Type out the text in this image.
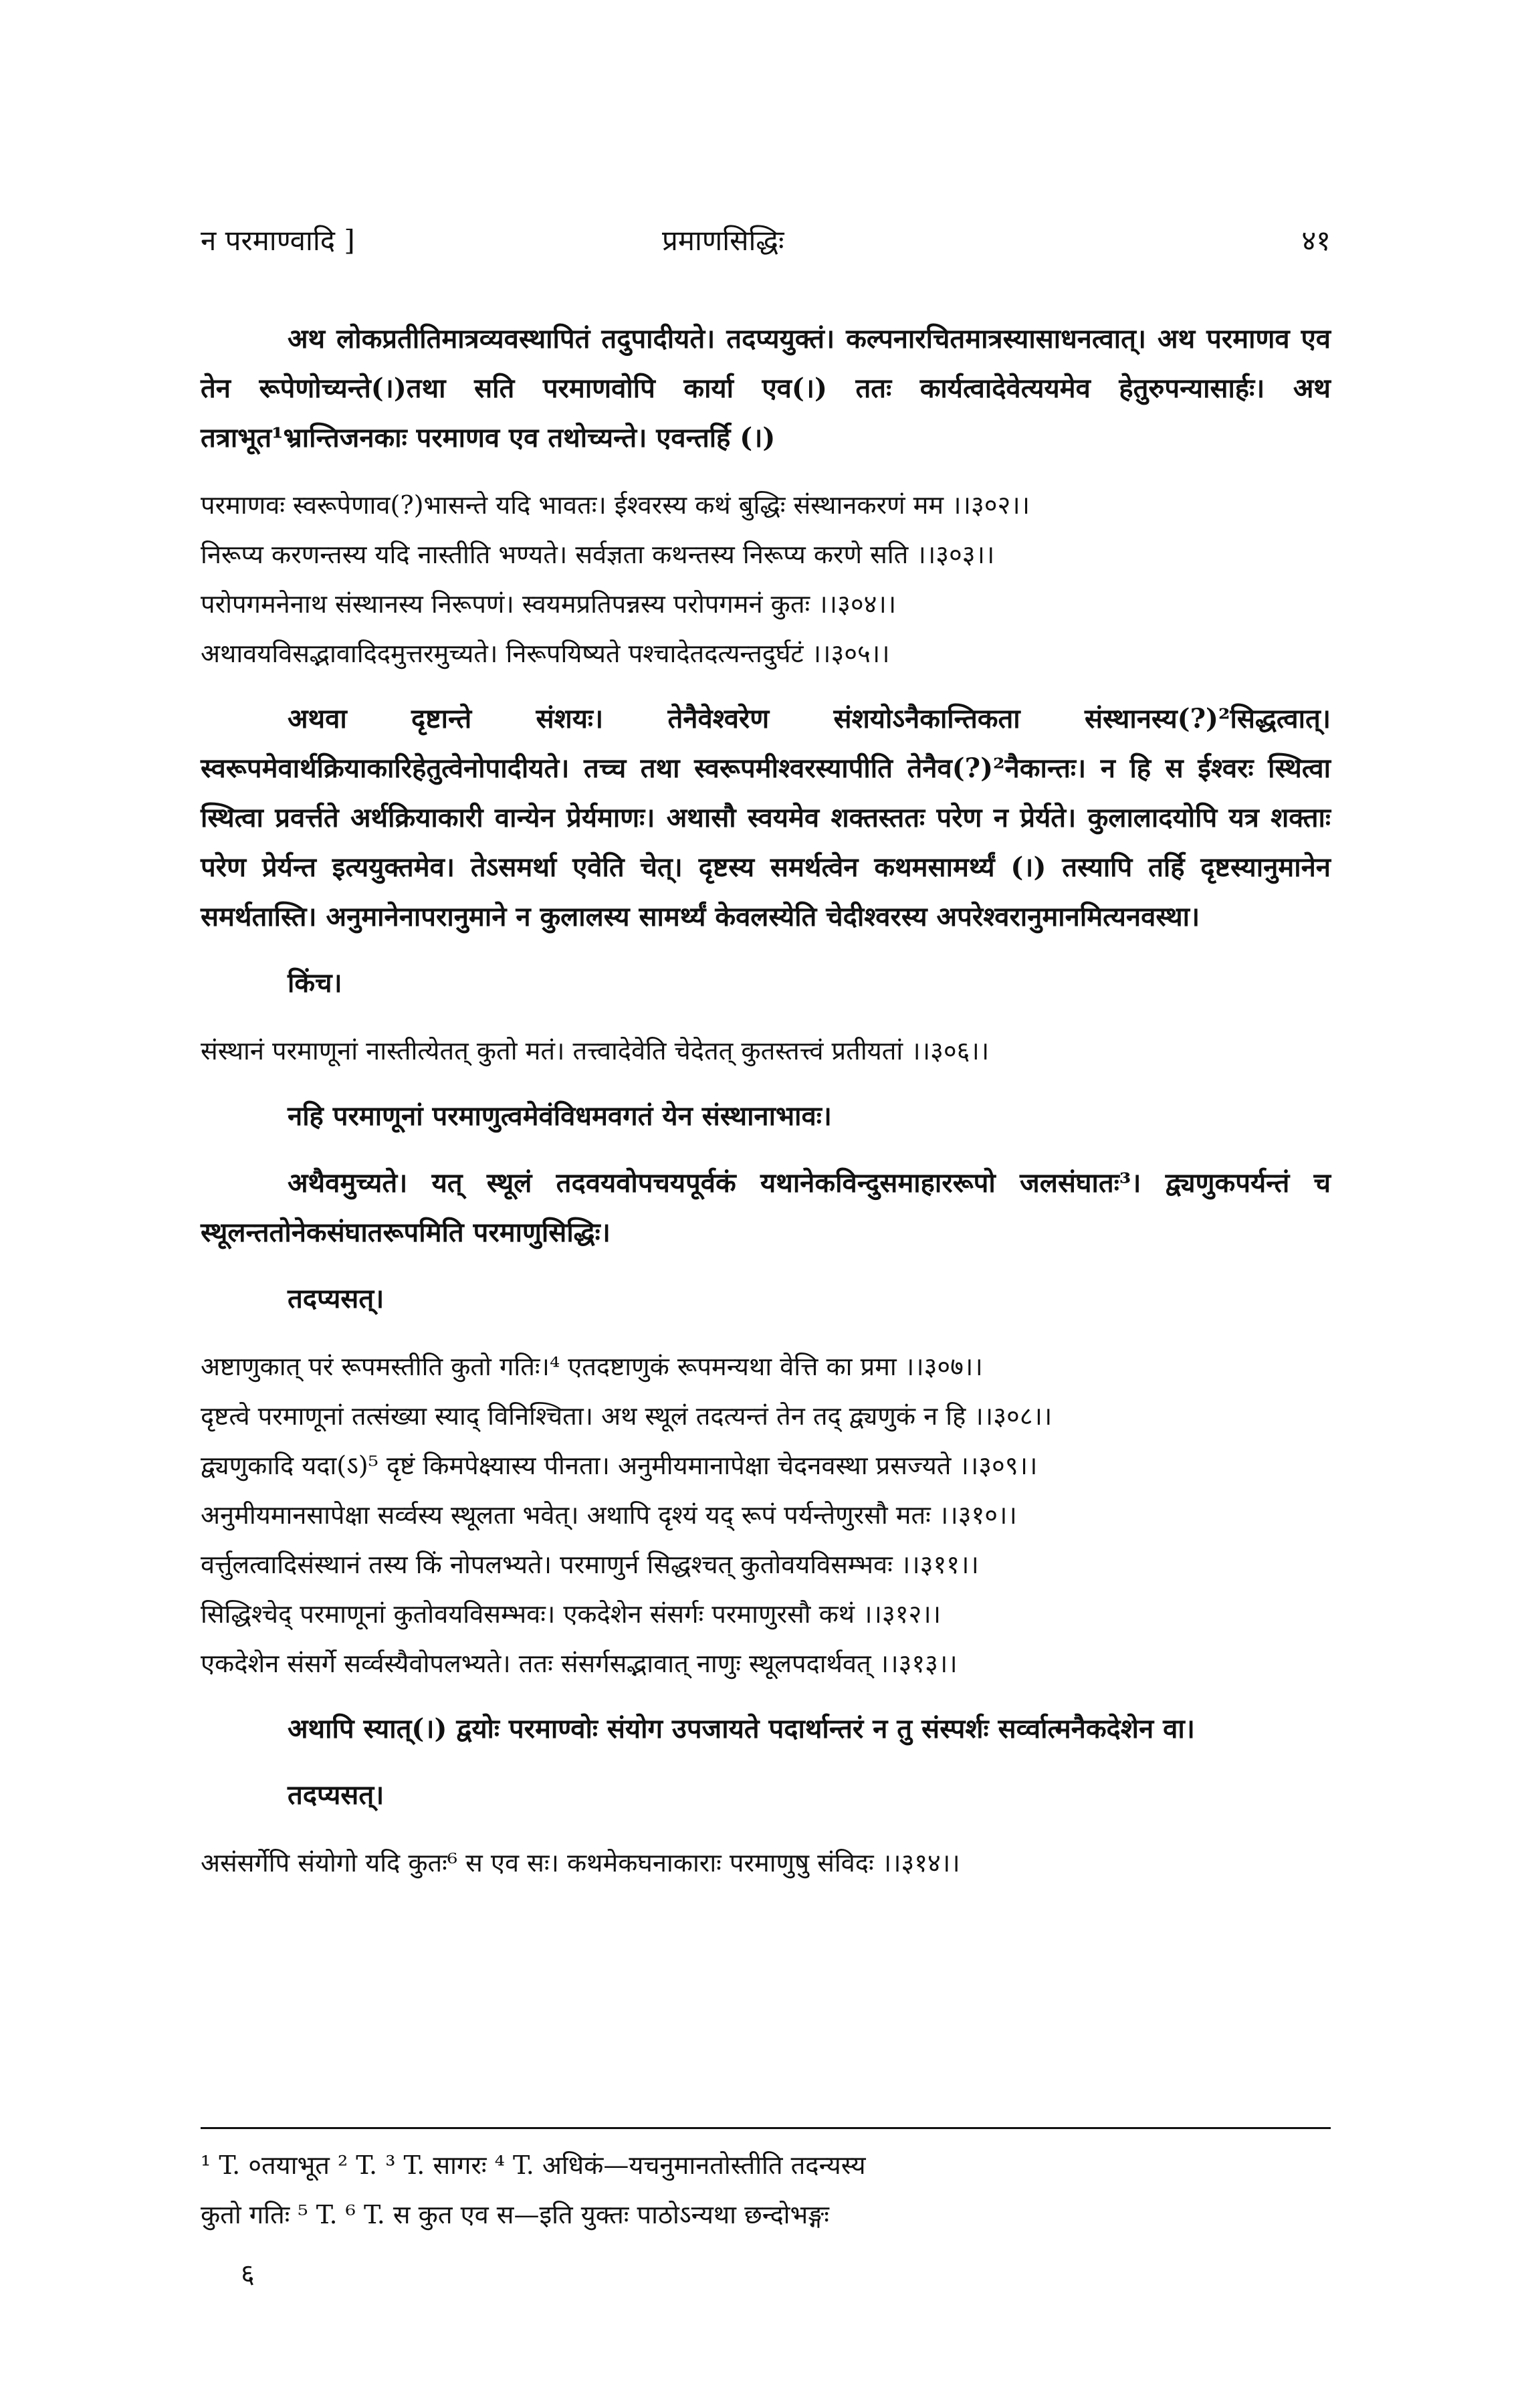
न परमाण्वादि ]	प्रमाणसिद्धिः	४१

अथ लोकप्रतीतिमात्रव्यवस्थापितं तदुपादीयते। तदप्ययुक्तं। कल्पनारचितमात्रस्यासाधनत्वात्। अथ परमाणव एव तेन रूपेणोच्यन्ते(।)तथा सति परमाणवोपि कार्या एव(।) ततः कार्यत्वादेवेत्ययमेव हेतुरुपन्यासार्हः। अथ तत्राभूत¹भ्रान्तिजनकाः परमाणव एव तथोच्यन्ते। एवन्तर्हि (।)

परमाणवः स्वरूपेणाव(?)भासन्ते यदि भावतः। ईश्वरस्य कथं बुद्धिः संस्थानकरणं मम ।।३०२।।
निरूप्य करणन्तस्य यदि नास्तीति भण्यते। सर्वज्ञता कथन्तस्य निरूप्य करणे सति ।।३०३।।
परोपगमनेनाथ संस्थानस्य निरूपणं। स्वयमप्रतिपन्नस्य परोपगमनं कुतः ।।३०४।।
अथावयविसद्भावादिदमुत्तरमुच्यते। निरूपयिष्यते पश्चादेतदत्यन्तदुर्घटं ।।३०५।।

अथवा दृष्टान्ते संशयः। तेनैवेश्वरेण संशयोऽनैकान्तिकता संस्थानस्य(?)²सिद्धत्वात्। स्वरूपमेवार्थक्रियाकारिहेतुत्वेनोपादीयते। तच्च तथा स्वरूपमीश्वरस्यापीति तेनैव(?)²नैकान्तः। न हि स ईश्वरः स्थित्वा स्थित्वा प्रवर्त्तते अर्थक्रियाकारी वान्येन प्रेर्यमाणः। अथासौ स्वयमेव शक्तस्ततः परेण न प्रेर्यते। कुलालादयोपि यत्र शक्ताः परेण प्रेर्यन्त इत्ययुक्तमेव। तेऽसमर्था एवेति चेत्। दृष्टस्य समर्थत्वेन कथमसामर्थ्यं (।) तस्यापि तर्हि दृष्टस्यानुमानेन समर्थतास्ति। अनुमानेनापरानुमाने न कुलालस्य सामर्थ्यं केवलस्येति चेदीश्वरस्य अपरेश्वरानुमानमित्यनवस्था।

किंच।
संस्थानं परमाणूनां नास्तीत्येतत् कुतो मतं। तत्त्वादेवेति चेदेतत् कुतस्तत्त्वं प्रतीयतां ।।३०६।।

नहि परमाणूनां परमाणुत्वमेवंविधमवगतं येन संस्थानाभावः।

अथैवमुच्यते। यत् स्थूलं तदवयवोपचयपूर्वकं यथानेकविन्दुसमाहाररूपो जलसंघातः³। द्व्यणुकपर्यन्तं च स्थूलन्ततोनेकसंघातरूपमिति परमाणुसिद्धिः।

तदप्यसत्।
अष्टाणुकात् परं रूपमस्तीति कुतो गतिः।⁴ एतदष्टाणुकं रूपमन्यथा वेत्ति का प्रमा ।।३०७।।
दृष्टत्वे परमाणूनां तत्संख्या स्याद् विनिश्चिता। अथ स्थूलं तदत्यन्तं तेन तद् द्व्यणुकं न हि ।।३०८।।
द्व्यणुकादि यदा(ऽ)⁵ दृष्टं किमपेक्ष्यास्य पीनता। अनुमीयमानापेक्षा चेदनवस्था प्रसज्यते ।।३०९।।
अनुमीयमानसापेक्षा सर्व्वस्य स्थूलता भवेत्। अथापि दृश्यं यद् रूपं पर्यन्तेणुरसौ मतः ।।३१०।।
वर्त्तुलत्वादिसंस्थानं तस्य किं नोपलभ्यते। परमाणुर्न सिद्धश्चत् कुतोवयविसम्भवः ।।३११।।
सिद्धिश्चेद् परमाणूनां कुतोवयविसम्भवः। एकदेशेन संसर्गः परमाणुरसौ कथं ।।३१२।।
एकदेशेन संसर्गे सर्व्वस्यैवोपलभ्यते। ततः संसर्गसद्भावात् नाणुः स्थूलपदार्थवत् ।।३१३।।

अथापि स्यात्(।) द्वयोः परमाण्वोः संयोग उपजायते पदार्थान्तरं न तु संस्पर्शः सर्व्वात्मनैकदेशेन वा।

तदप्यसत्।
असंसर्गेपि संयोगो यदि कुतः⁶ स एव सः। कथमेकघनाकाराः परमाणुषु संविदः ।।३१४।।
¹ T. ०तयाभूत ² T. ³ T. सागरः ⁴ T. अधिकं—यचनुमानतोस्तीति तदन्यस्य
कुतो गतिः ⁵ T. ⁶ T. स कुत एव स—इति युक्तः पाठोऽन्यथा छन्दोभङ्गः
६
